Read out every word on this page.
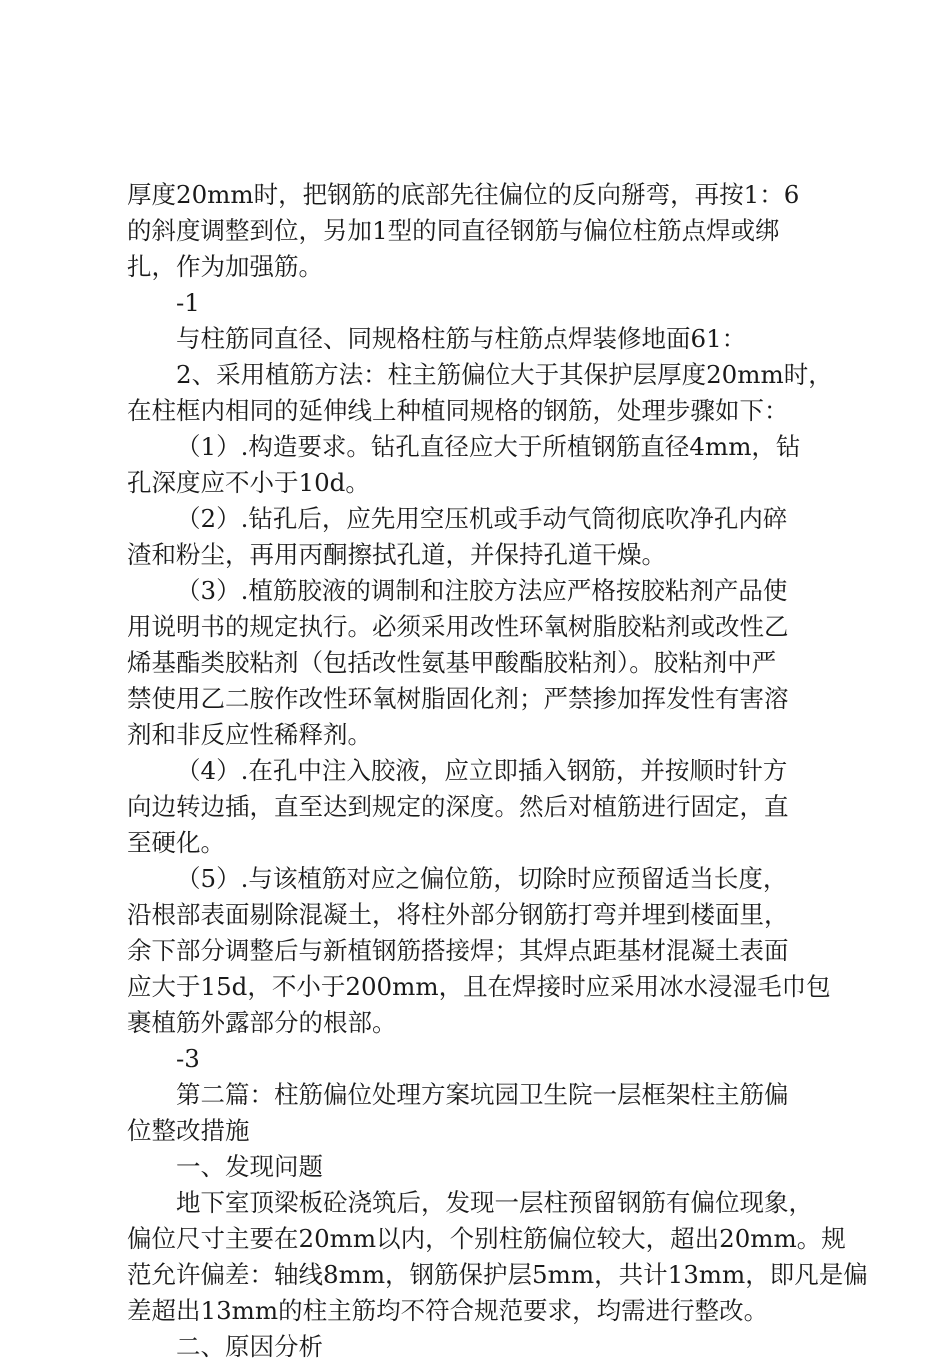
厚度20mm时，把钢筋的底部先往偏位的反向掰弯，再按1：6
的斜度调整到位，另加1型的同直径钢筋与偏位柱筋点焊或绑
扎，作为加强筋。
-1
与柱筋同直径、同规格柱筋与柱筋点焊装修地面61：
2、采用植筋方法：柱主筋偏位大于其保护层厚度20mm时，
在柱框内相同的延伸线上种植同规格的钢筋，处理步骤如下：
（1）.构造要求。钻孔直径应大于所植钢筋直径4mm，钻
孔深度应不小于10d。
（2）.钻孔后，应先用空压机或手动气筒彻底吹净孔内碎
渣和粉尘，再用丙酮擦拭孔道，并保持孔道干燥。
（3）.植筋胶液的调制和注胶方法应严格按胶粘剂产品使
用说明书的规定执行。必须采用改性环氧树脂胶粘剂或改性乙
烯基酯类胶粘剂（包括改性氨基甲酸酯胶粘剂）。胶粘剂中严
禁使用乙二胺作改性环氧树脂固化剂；严禁掺加挥发性有害溶
剂和非反应性稀释剂。
（4）.在孔中注入胶液，应立即插入钢筋，并按顺时针方
向边转边插，直至达到规定的深度。然后对植筋进行固定，直
至硬化。
（5）.与该植筋对应之偏位筋，切除时应预留适当长度，
沿根部表面剔除混凝土，将柱外部分钢筋打弯并埋到楼面里，
余下部分调整后与新植钢筋搭接焊；其焊点距基材混凝土表面
应大于15d，不小于200mm，且在焊接时应采用冰水浸湿毛巾包
裹植筋外露部分的根部。
-3
第二篇：柱筋偏位处理方案坑园卫生院一层框架柱主筋偏
位整改措施
一、发现问题
地下室顶梁板砼浇筑后，发现一层柱预留钢筋有偏位现象，
偏位尺寸主要在20mm以内，个别柱筋偏位较大，超出20mm。规
范允许偏差：轴线8mm，钢筋保护层5mm，共计13mm，即凡是偏
差超出13mm的柱主筋均不符合规范要求，均需进行整改。
二、原因分析
